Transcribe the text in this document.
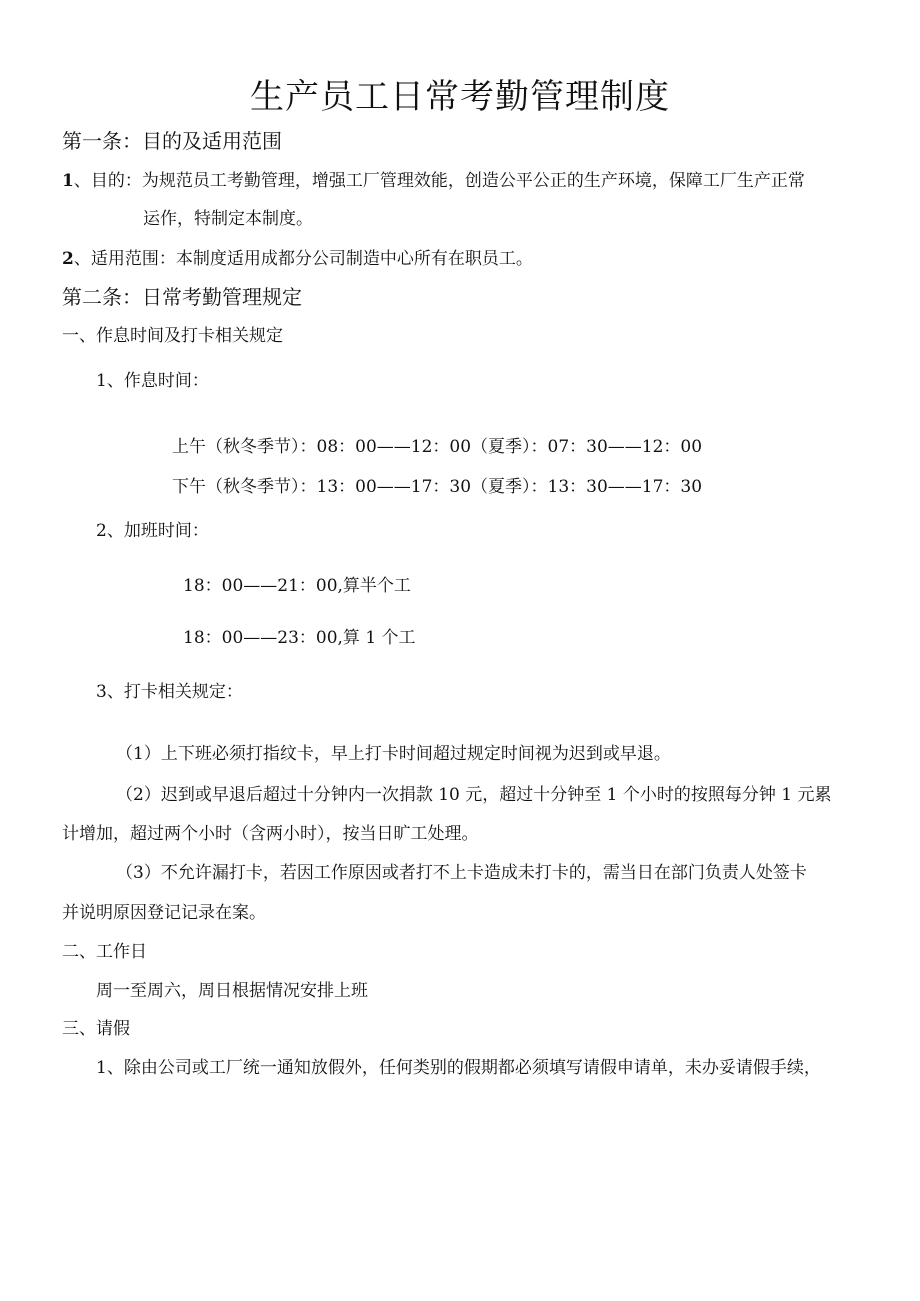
生产员工日常考勤管理制度
第一条：目的及适用范围
1、目的：为规范员工考勤管理，增强工厂管理效能，创造公平公正的生产环境，保障工厂生产正常
运作，特制定本制度。
2、适用范围：本制度适用成都分公司制造中心所有在职员工。
第二条：日常考勤管理规定
一、作息时间及打卡相关规定
1、作息时间：
上午（秋冬季节）：08：00——12：00（夏季）：07：30——12：00
下午（秋冬季节）：13：00——17：30（夏季）：13：30——17：30
2、加班时间：
18：00——21：00,算半个工
18：00——23：00,算 1 个工
3、打卡相关规定：
（1）上下班必须打指纹卡，早上打卡时间超过规定时间视为迟到或早退。
（2）迟到或早退后超过十分钟内一次捐款 10 元，超过十分钟至 1 个小时的按照每分钟 1 元累
计增加，超过两个小时（含两小时），按当日旷工处理。
（3）不允许漏打卡，若因工作原因或者打不上卡造成未打卡的，需当日在部门负责人处签卡
并说明原因登记记录在案。
二、工作日
周一至周六，周日根据情况安排上班
三、请假
1、除由公司或工厂统一通知放假外，任何类别的假期都必须填写请假申请单，未办妥请假手续，
